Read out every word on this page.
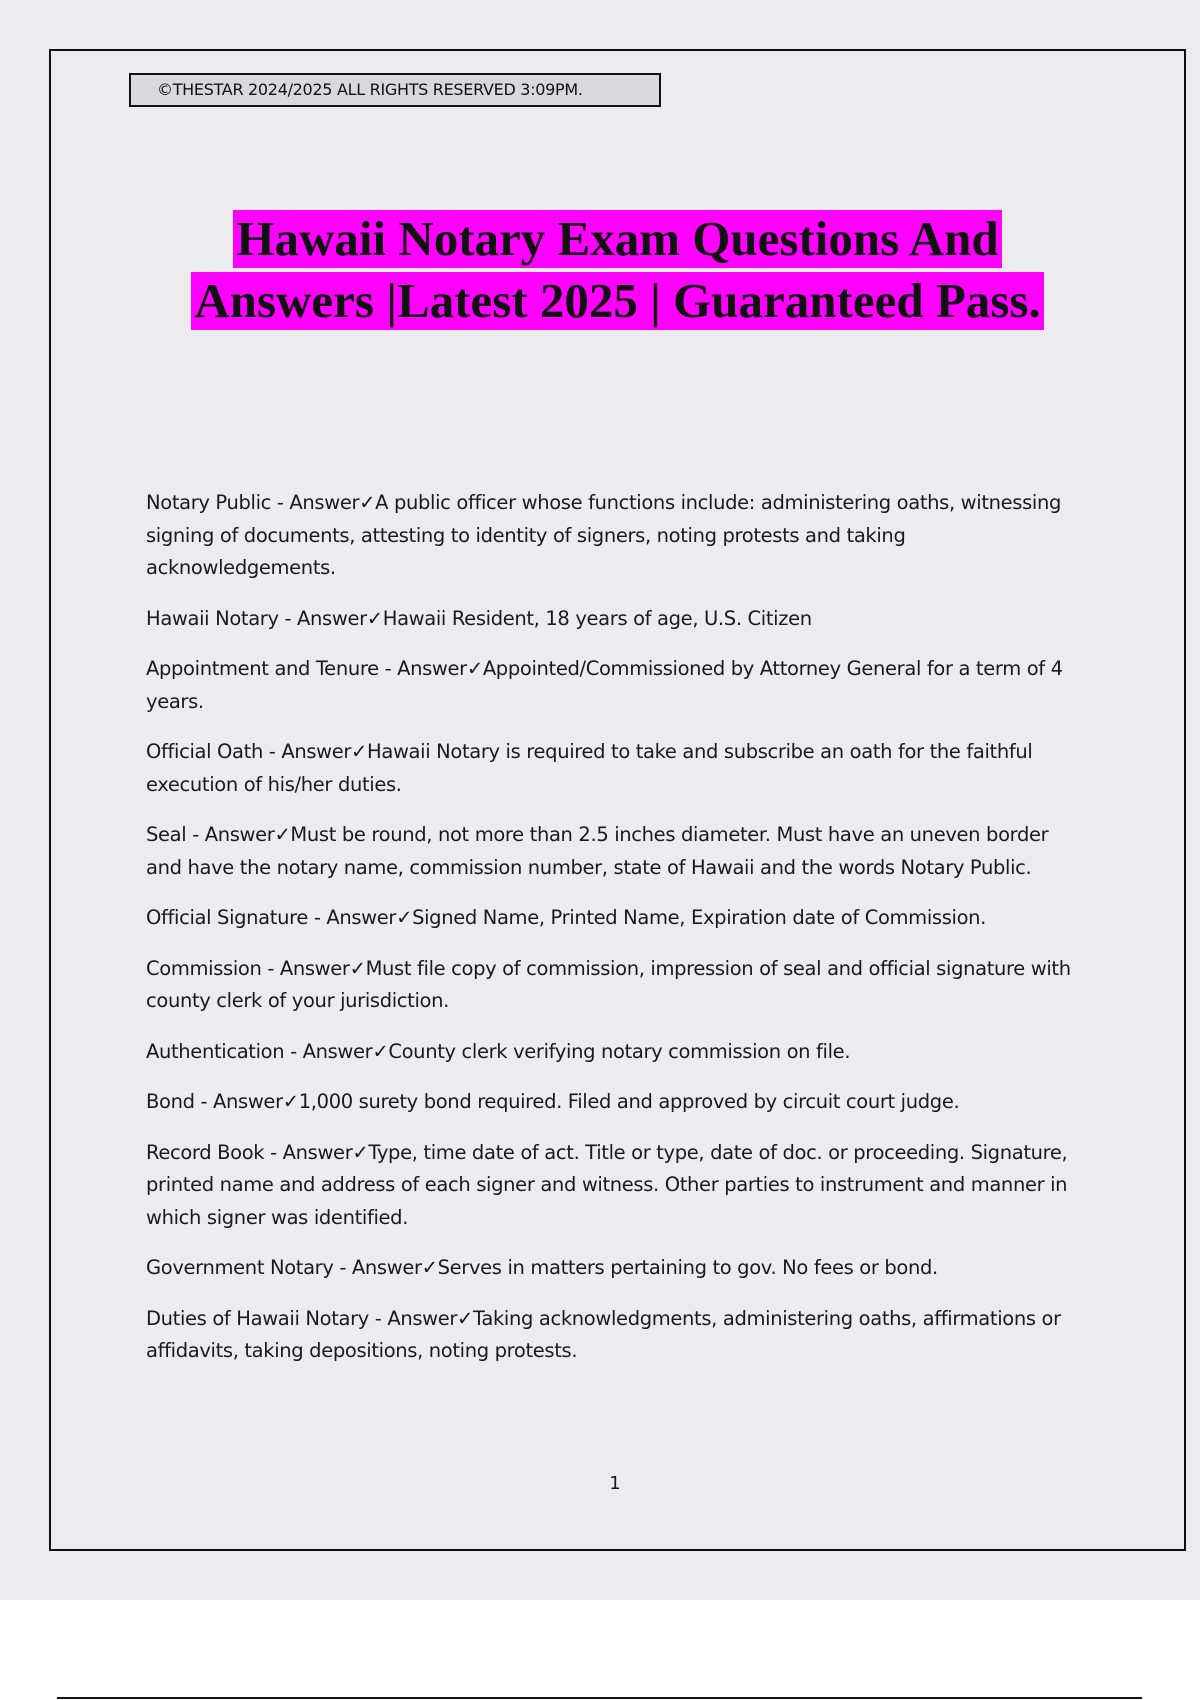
©THESTAR 2024/2025 ALL RIGHTS RESERVED 3:09PM.
Hawaii Notary Exam Questions And
Answers |Latest 2025 | Guaranteed Pass.

Notary Public - Answer✓A public officer whose functions include: administering oaths, witnessing signing of documents, attesting to identity of signers, noting protests and taking acknowledgements.

Hawaii Notary - Answer✓Hawaii Resident, 18 years of age, U.S. Citizen

Appointment and Tenure - Answer✓Appointed/Commissioned by Attorney General for a term of 4 years.

Official Oath - Answer✓Hawaii Notary is required to take and subscribe an oath for the faithful execution of his/her duties.

Seal - Answer✓Must be round, not more than 2.5 inches diameter. Must have an uneven border and have the notary name, commission number, state of Hawaii and the words Notary Public.

Official Signature - Answer✓Signed Name, Printed Name, Expiration date of Commission.

Commission - Answer✓Must file copy of commission, impression of seal and official signature with county clerk of your jurisdiction.

Authentication - Answer✓County clerk verifying notary commission on file.

Bond - Answer✓1,000 surety bond required. Filed and approved by circuit court judge.

Record Book - Answer✓Type, time date of act. Title or type, date of doc. or proceeding. Signature, printed name and address of each signer and witness. Other parties to instrument and manner in which signer was identified.

Government Notary - Answer✓Serves in matters pertaining to gov. No fees or bond.

Duties of Hawaii Notary - Answer✓Taking acknowledgments, administering oaths, affirmations or affidavits, taking depositions, noting protests.

1
